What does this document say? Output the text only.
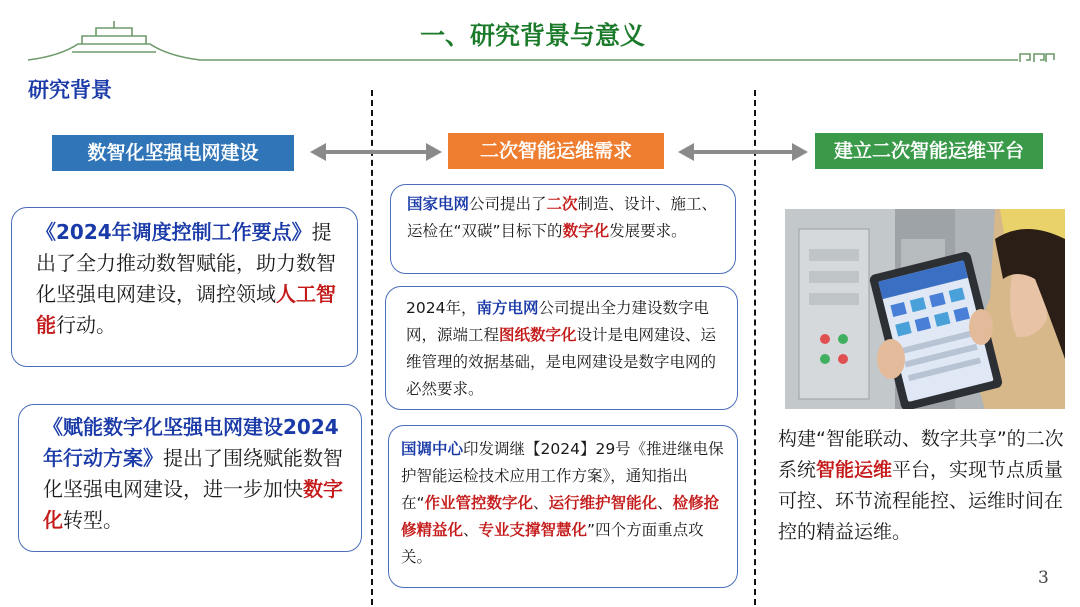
一、研究背景与意义
研究背景
数智化坚强电网建设	二次智能运维需求	建立二次智能运维平台
《2024年调度控制工作要点》提出了全力推动数智赋能，助力数智化坚强电网建设，调控领域人工智能行动。
《赋能数字化坚强电网建设2024年行动方案》提出了围绕赋能数智化坚强电网建设，进一步加快数字化转型。
国家电网公司提出了二次制造、设计、施工、运检在“双碳”目标下的数字化发展要求。
2024年，南方电网公司提出全力建设数字电网，源端工程图纸数字化设计是电网建设、运维管理的效据基础，是电网建设是数字电网的必然要求。
国调中心印发调继【2024】29号《推进继电保护智能运检技术应用工作方案》，通知指出在“作业管控数字化、运行维护智能化、检修抢修精益化、专业支撑智慧化”四个方面重点攻关。
构建“智能联动、数字共享”的二次系统智能运维平台，实现节点质量可控、环节流程能控、运维时间在控的精益运维。
3
